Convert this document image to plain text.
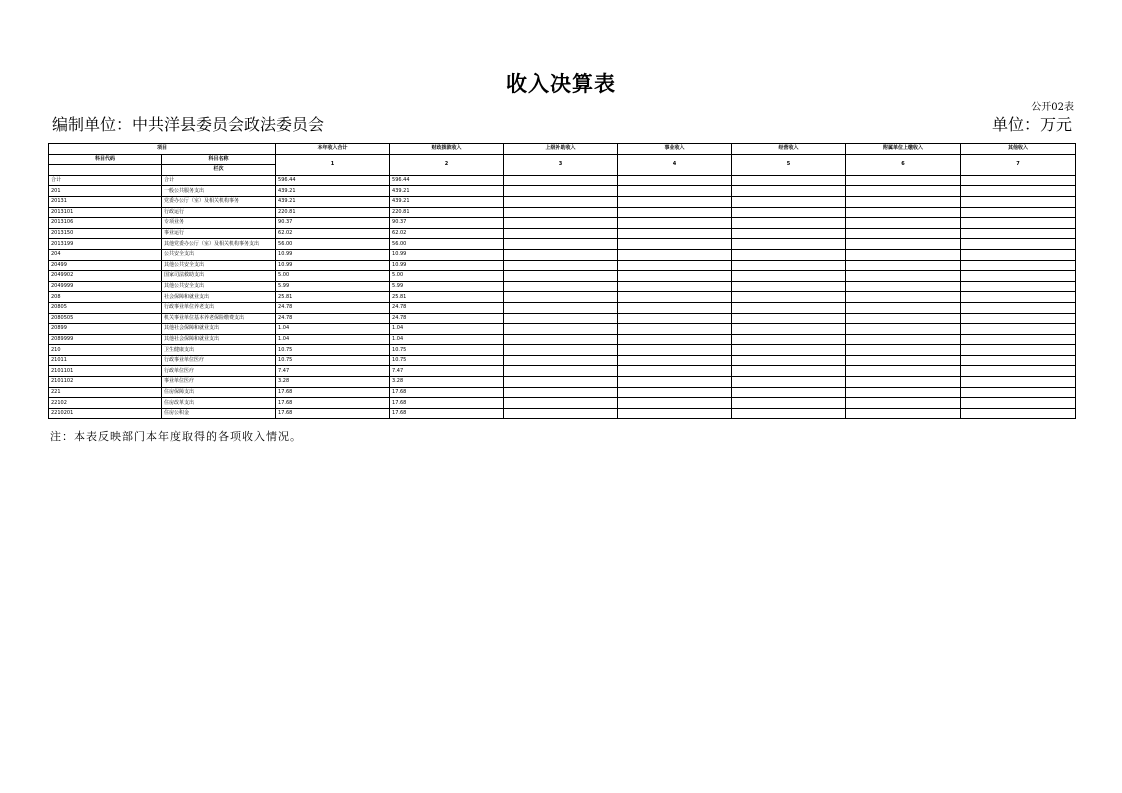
收入决算表
公开02表
编制单位：中共洋县委员会政法委员会	单位：万元
项目		本年收入合计	财政拨款收入	上级补助收入	事业收入	经营收入	附属单位上缴收入	其他收入
科目代码	科目名称	1	2	3	4	5	6	7
	栏次							
合计	合计	596.44	596.44					
201	一般公共服务支出	439.21	439.21					
20131	党委办公厅（室）及相关机构事务	439.21	439.21					
2013101	行政运行	220.81	220.81					
2013106	专项业务	90.37	90.37					
2013150	事业运行	62.02	62.02					
2013199	其他党委办公厅（室）及相关机构事务支出	56.00	56.00					
204	公共安全支出	10.99	10.99					
20499	其他公共安全支出	10.99	10.99					
2049902	国家司法救助支出	5.00	5.00					
2049999	其他公共安全支出	5.99	5.99					
208	社会保障和就业支出	25.81	25.81					
20805	行政事业单位养老支出	24.78	24.78					
2080505	机关事业单位基本养老保险缴费支出	24.78	24.78					
20899	其他社会保障和就业支出	1.04	1.04					
2089999	其他社会保障和就业支出	1.04	1.04					
210	卫生健康支出	10.75	10.75					
21011	行政事业单位医疗	10.75	10.75					
2101101	行政单位医疗	7.47	7.47					
2101102	事业单位医疗	3.28	3.28					
221	住房保障支出	17.68	17.68					
22102	住房改革支出	17.68	17.68					
2210201	住房公积金	17.68	17.68					
注：本表反映部门本年度取得的各项收入情况。
